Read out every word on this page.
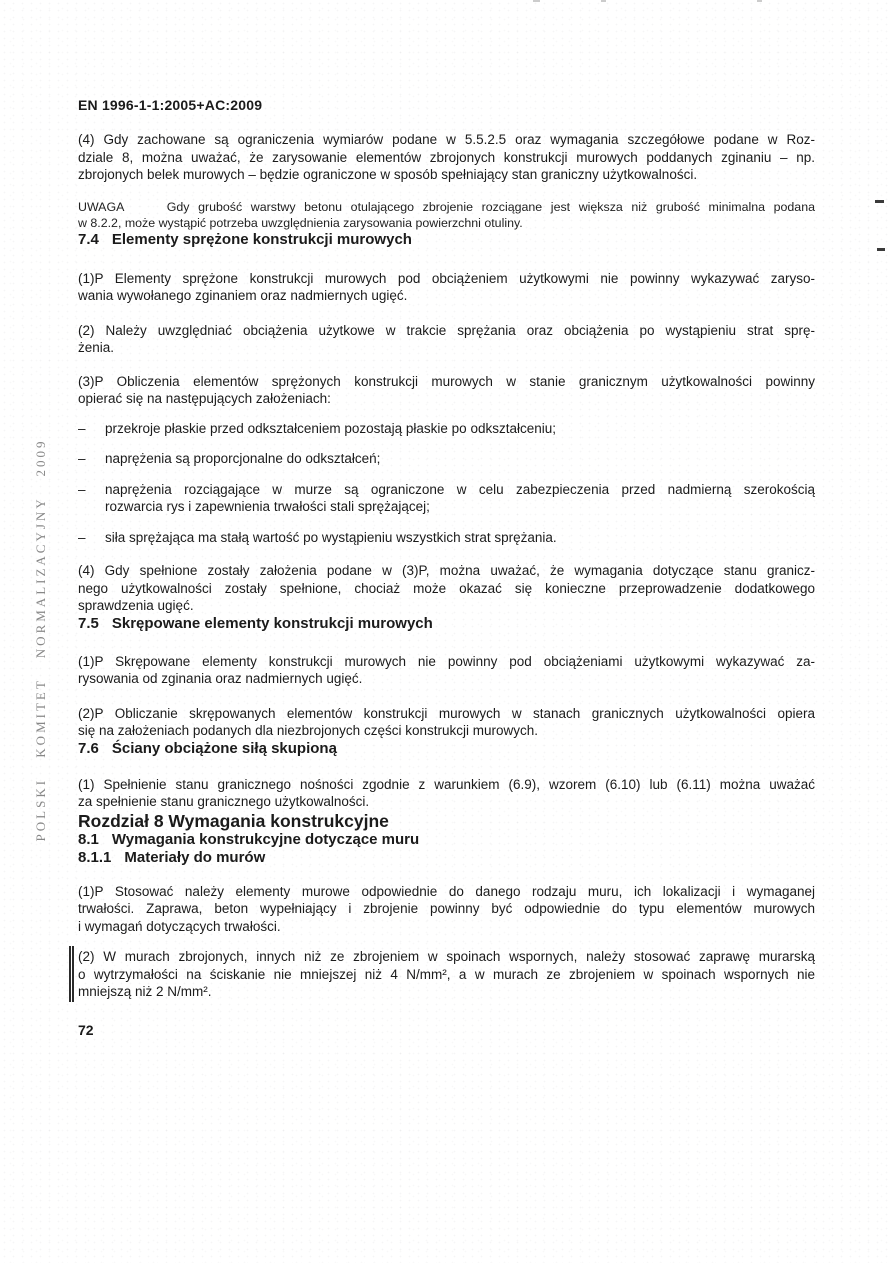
POLSKI KOMITET NORMALIZACYJNY 2009
EN 1996-1-1:2005+AC:2009
(4) Gdy zachowane są ograniczenia wymiarów podane w 5.5.2.5 oraz wymagania szczegółowe podane w Roz-
dziale 8, można uważać, że zarysowanie elementów zbrojonych konstrukcji murowych poddanych zginaniu – np.
zbrojonych belek murowych – będzie ograniczone w sposób spełniający stan graniczny użytkowalności.
UWAGA     Gdy grubość warstwy betonu otulającego zbrojenie rozciągane jest większa niż grubość minimalna podana
w 8.2.2, może wystąpić potrzeba uwzględnienia zarysowania powierzchni otuliny.
7.4 Elementy sprężone konstrukcji murowych
(1)P Elementy sprężone konstrukcji murowych pod obciążeniem użytkowymi nie powinny wykazywać zaryso-
wania wywołanego zginaniem oraz nadmiernych ugięć.
(2) Należy uwzględniać obciążenia użytkowe w trakcie sprężania oraz obciążenia po wystąpieniu strat sprę-
żenia.
(3)P Obliczenia elementów sprężonych konstrukcji murowych w stanie granicznym użytkowalności powinny
opierać się na następujących założeniach:
–	przekroje płaskie przed odkształceniem pozostają płaskie po odkształceniu;
–	naprężenia są proporcjonalne do odkształceń;
–	naprężenia rozciągające w murze są ograniczone w celu zabezpieczenia przed nadmierną szerokością
rozwarcia rys i zapewnienia trwałości stali sprężającej;
–	siła sprężająca ma stałą wartość po wystąpieniu wszystkich strat sprężania.
(4) Gdy spełnione zostały założenia podane w (3)P, można uważać, że wymagania dotyczące stanu granicz-
nego użytkowalności zostały spełnione, chociaż może okazać się konieczne przeprowadzenie dodatkowego
sprawdzenia ugięć.
7.5 Skrępowane elementy konstrukcji murowych
(1)P Skrępowane elementy konstrukcji murowych nie powinny pod obciążeniami użytkowymi wykazywać za-
rysowania od zginania oraz nadmiernych ugięć.
(2)P Obliczanie skrępowanych elementów konstrukcji murowych w stanach granicznych użytkowalności opiera
się na założeniach podanych dla niezbrojonych części konstrukcji murowych.
7.6 Ściany obciążone siłą skupioną
(1) Spełnienie stanu granicznego nośności zgodnie z warunkiem (6.9), wzorem (6.10) lub (6.11) można uważać
za spełnienie stanu granicznego użytkowalności.
Rozdział 8 Wymagania konstrukcyjne
8.1 Wymagania konstrukcyjne dotyczące muru
8.1.1 Materiały do murów
(1)P Stosować należy elementy murowe odpowiednie do danego rodzaju muru, ich lokalizacji i wymaganej
trwałości. Zaprawa, beton wypełniający i zbrojenie powinny być odpowiednie do typu elementów murowych
i wymagań dotyczących trwałości.
(2) W murach zbrojonych, innych niż ze zbrojeniem w spoinach wspornych, należy stosować zaprawę murarską
o wytrzymałości na ściskanie nie mniejszej niż 4 N/mm², a w murach ze zbrojeniem w spoinach wspornych nie
mniejszą niż 2 N/mm².
72
